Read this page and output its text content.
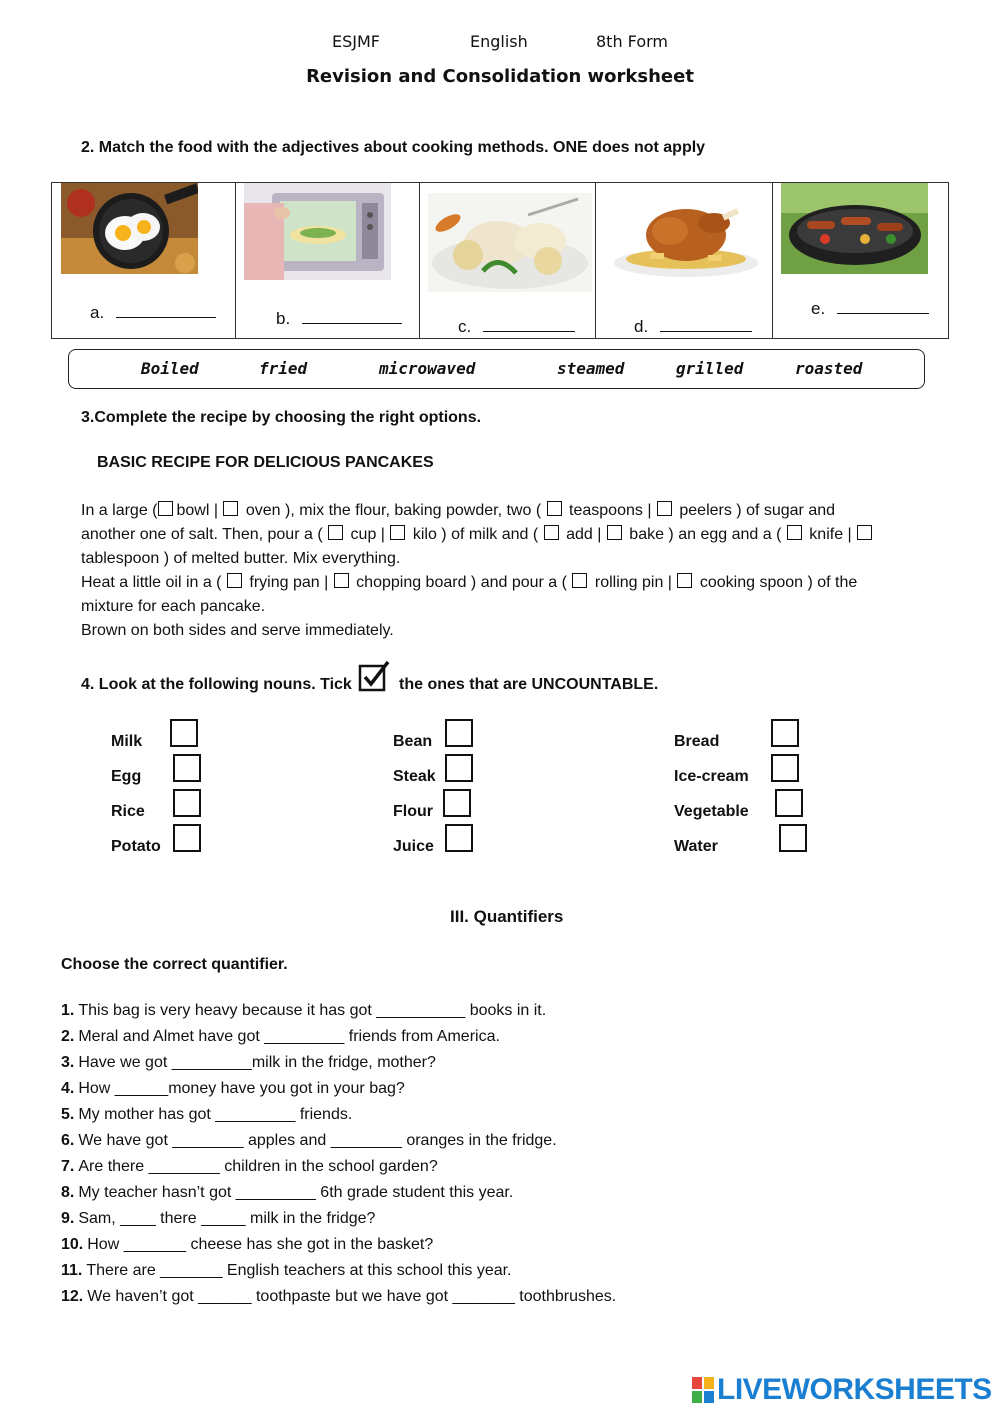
ESJMF	English	8th Form
Revision and Consolidation worksheet
2. Match the food with the adjectives about cooking methods. ONE does not apply
a.	b.	c.	d.
e.
Boiled	fried	microwaved	steamed	grilled	roasted
3.Complete the recipe by choosing the right options.
BASIC RECIPE FOR DELICIOUS PANCAKES
In a large ( bowl |  oven ), mix the flour, baking powder, two (  teaspoons |  peelers ) of sugar and
another one of salt. Then, pour a (  cup |  kilo ) of milk and (  add |  bake ) an egg and a (  knife |
tablespoon ) of melted butter. Mix everything.
Heat a little oil in a (  frying pan |  chopping board ) and pour a (  rolling pin |  cooking spoon ) of the
mixture for each pancake.
Brown on both sides and serve immediately.
4. Look at the following nouns. Tick	the ones that are UNCOUNTABLE.
Milk
Egg
Rice
Potato
Bean
Steak
Flour
Juice
Bread
Ice-cream
Vegetable
Water
III. Quantifiers
Choose the correct quantifier.
1. This bag is very heavy because it has got __________ books in it.
2. Meral and Almet have got _________ friends from America.
3. Have we got _________milk in the fridge, mother?
4. How ______money have you got in your bag?
5. My mother has got _________ friends.
6. We have got ________ apples and ________ oranges in the fridge.
7. Are there ________ children in the school garden?
8. My teacher hasn’t got _________ 6th grade student this year.
9. Sam, ____ there _____ milk in the fridge?
10. How _______ cheese has she got in the basket?
11. There are _______ English teachers at this school this year.
12. We haven’t got ______ toothpaste but we have got _______ toothbrushes.
LIVEWORKSHEETS
